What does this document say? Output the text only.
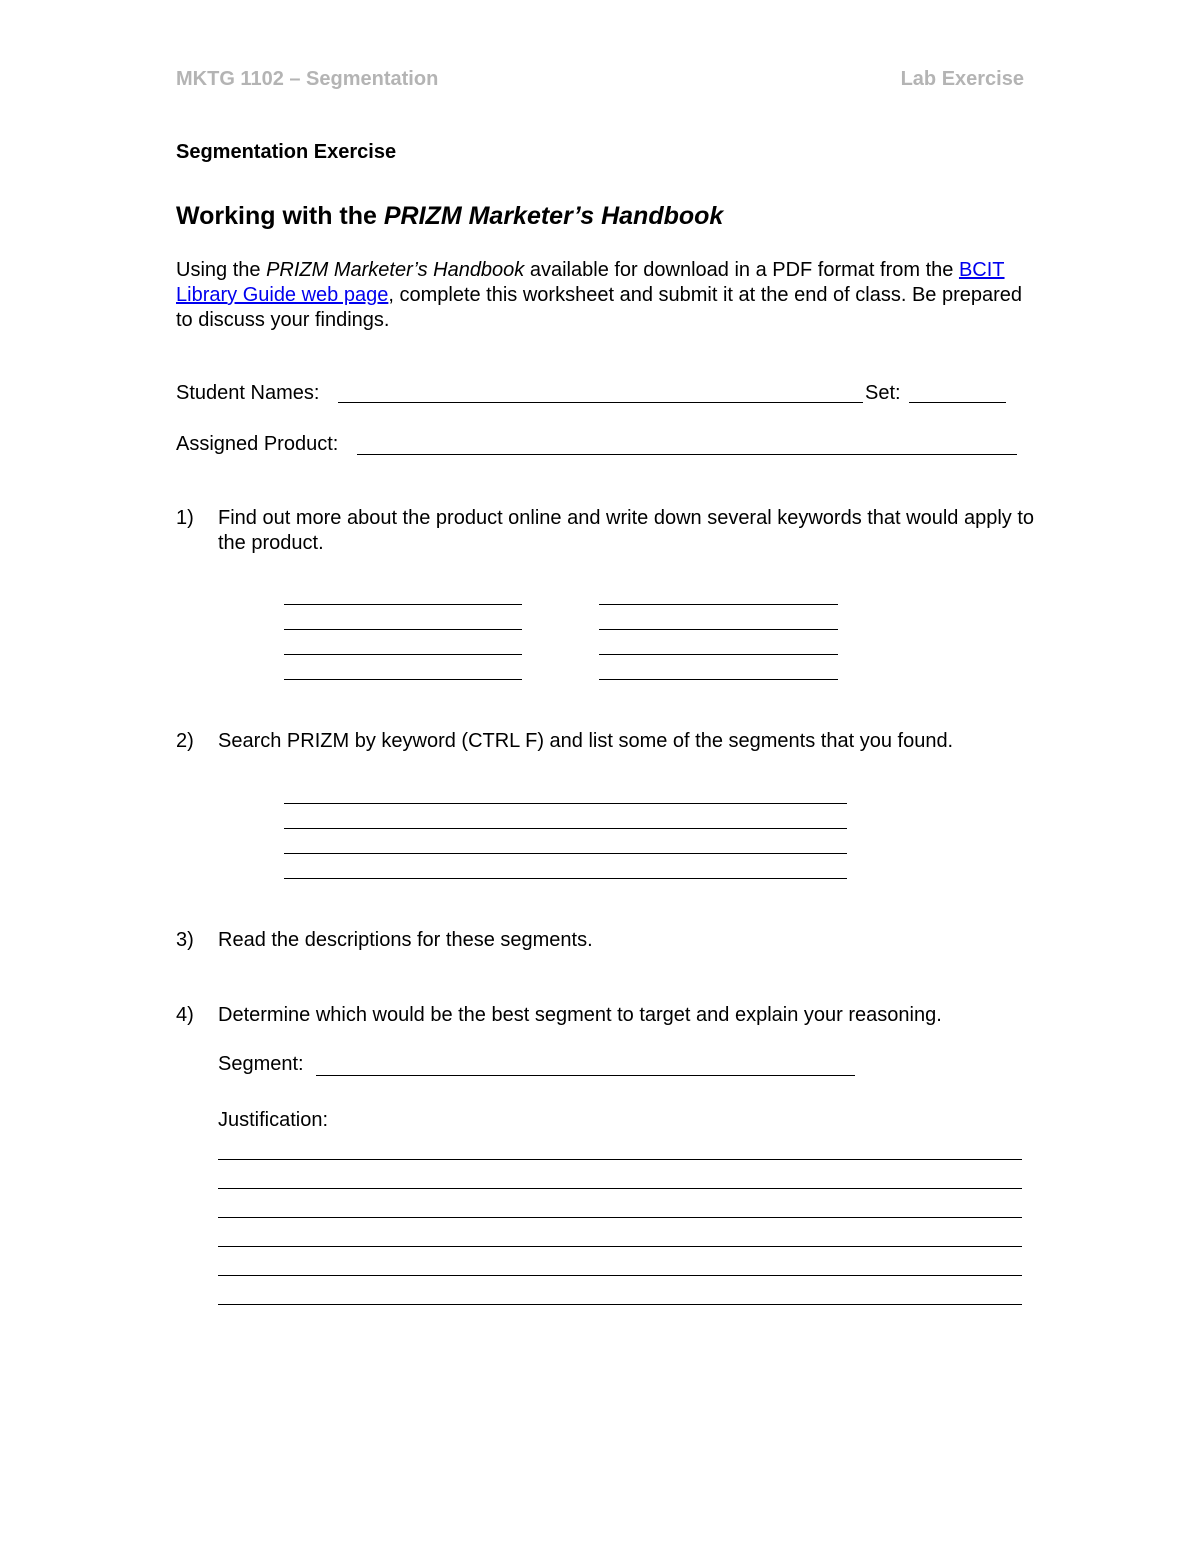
MKTG 1102 – Segmentation	Lab Exercise
Segmentation Exercise
Working with the PRIZM Marketer’s Handbook
Using the PRIZM Marketer’s Handbook available for download in a PDF format from the BCIT Library Guide web page, complete this worksheet and submit it at the end of class. Be prepared to discuss your findings.
Student Names:	Set:
Assigned Product:
1) Find out more about the product online and write down several keywords that would apply to the product.
2) Search PRIZM by keyword (CTRL F) and list some of the segments that you found.
3) Read the descriptions for these segments.
4) Determine which would be the best segment to target and explain your reasoning.
Segment:
Justification:
